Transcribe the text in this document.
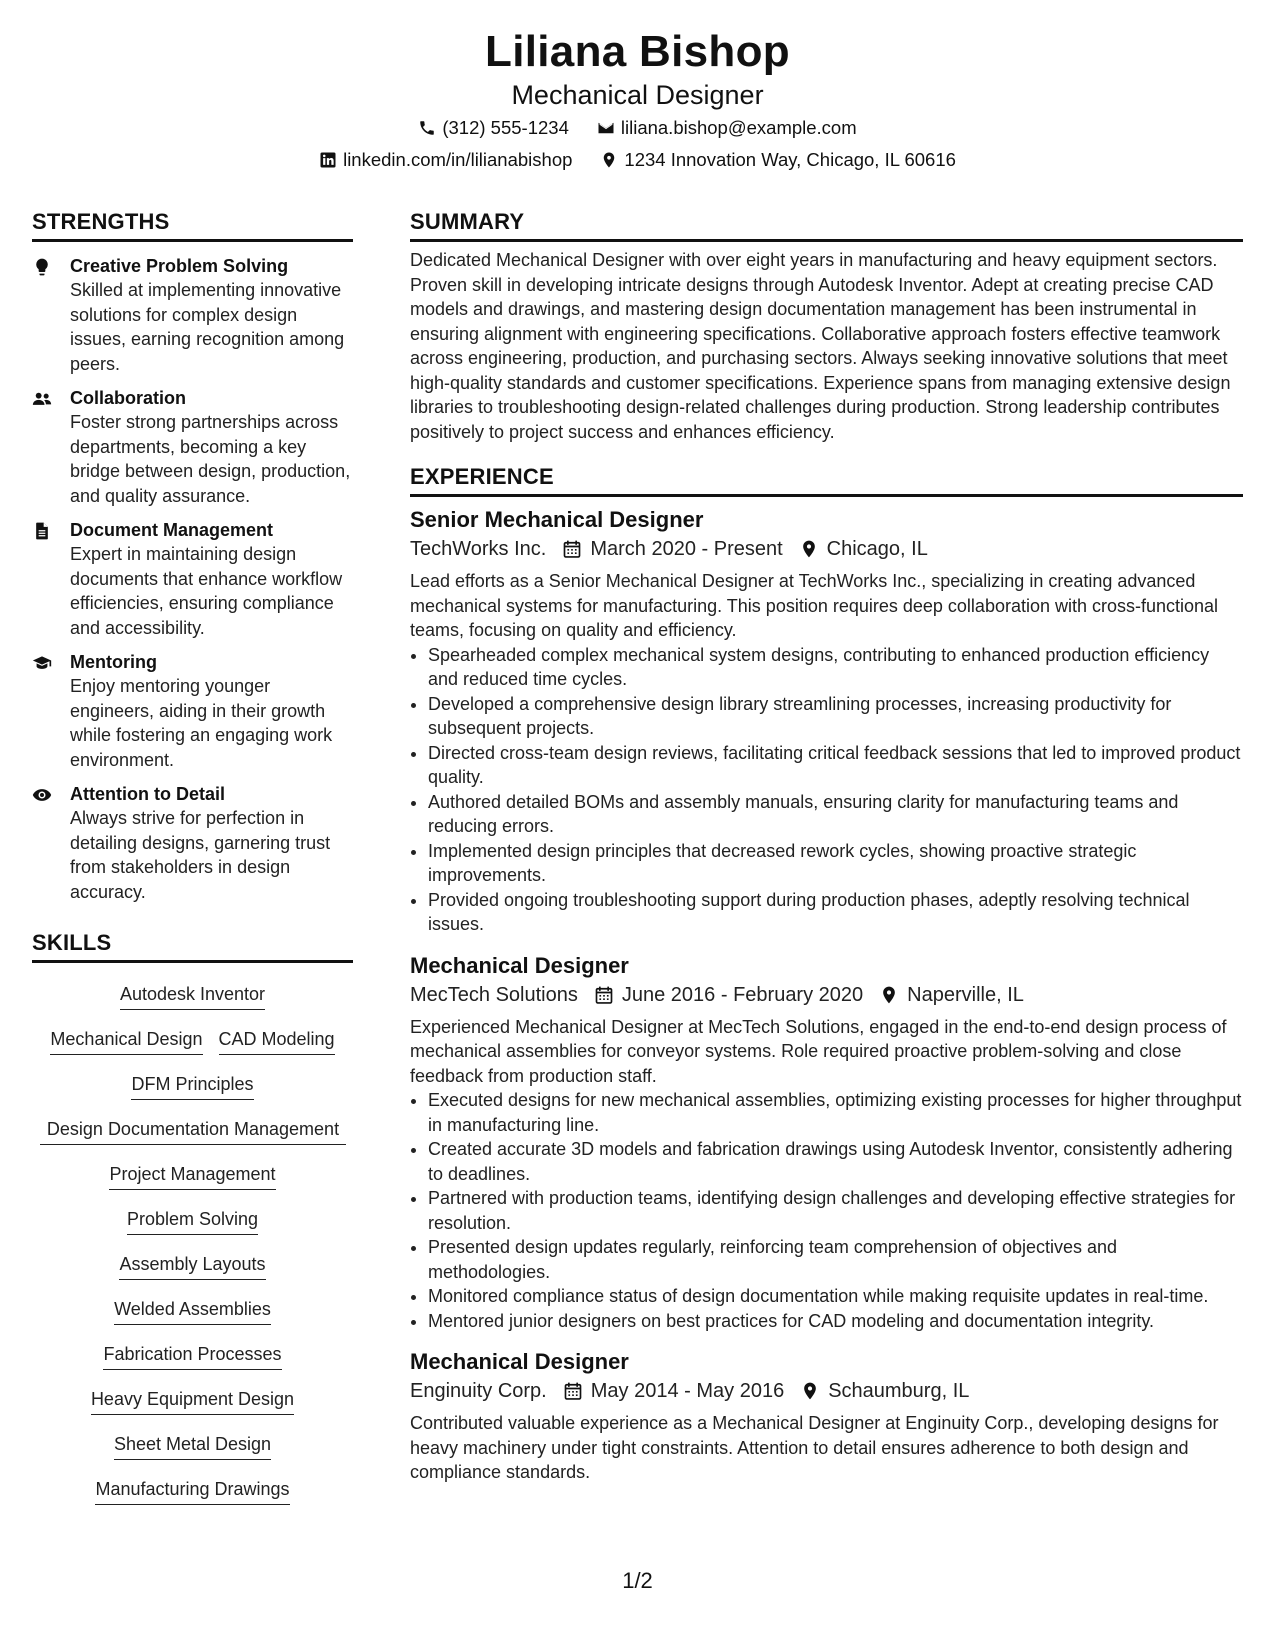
Liliana Bishop
Mechanical Designer
(312) 555-1234	liliana.bishop@example.com
linkedin.com/in/lilianabishop	1234 Innovation Way, Chicago, IL 60616
STRENGTHS
Creative Problem Solving
Skilled at implementing innovative solutions for complex design issues, earning recognition among peers.
Collaboration
Foster strong partnerships across departments, becoming a key bridge between design, production, and quality assurance.
Document Management
Expert in maintaining design documents that enhance workflow efficiencies, ensuring compliance and accessibility.
Mentoring
Enjoy mentoring younger engineers, aiding in their growth while fostering an engaging work environment.
Attention to Detail
Always strive for perfection in detailing designs, garnering trust from stakeholders in design accuracy.
SKILLS
Autodesk Inventor
Mechanical Design CAD Modeling
DFM Principles
Design Documentation Management
Project Management
Problem Solving
Assembly Layouts
Welded Assemblies
Fabrication Processes
Heavy Equipment Design
Sheet Metal Design
Manufacturing Drawings
SUMMARY
Dedicated Mechanical Designer with over eight years in manufacturing and heavy equipment sectors. Proven skill in developing intricate designs through Autodesk Inventor. Adept at creating precise CAD models and drawings, and mastering design documentation management has been instrumental in ensuring alignment with engineering specifications. Collaborative approach fosters effective teamwork across engineering, production, and purchasing sectors. Always seeking innovative solutions that meet high-quality standards and customer specifications. Experience spans from managing extensive design libraries to troubleshooting design-related challenges during production. Strong leadership contributes positively to project success and enhances efficiency.
EXPERIENCE
Senior Mechanical Designer
TechWorks Inc. March 2020 - Present Chicago, IL
Lead efforts as a Senior Mechanical Designer at TechWorks Inc., specializing in creating advanced mechanical systems for manufacturing. This position requires deep collaboration with cross-functional teams, focusing on quality and efficiency.
• Spearheaded complex mechanical system designs, contributing to enhanced production efficiency and reduced time cycles.
• Developed a comprehensive design library streamlining processes, increasing productivity for subsequent projects.
• Directed cross-team design reviews, facilitating critical feedback sessions that led to improved product quality.
• Authored detailed BOMs and assembly manuals, ensuring clarity for manufacturing teams and reducing errors.
• Implemented design principles that decreased rework cycles, showing proactive strategic improvements.
• Provided ongoing troubleshooting support during production phases, adeptly resolving technical issues.
Mechanical Designer
MecTech Solutions June 2016 - February 2020 Naperville, IL
Experienced Mechanical Designer at MecTech Solutions, engaged in the end-to-end design process of mechanical assemblies for conveyor systems. Role required proactive problem-solving and close feedback from production staff.
• Executed designs for new mechanical assemblies, optimizing existing processes for higher throughput in manufacturing line.
• Created accurate 3D models and fabrication drawings using Autodesk Inventor, consistently adhering to deadlines.
• Partnered with production teams, identifying design challenges and developing effective strategies for resolution.
• Presented design updates regularly, reinforcing team comprehension of objectives and methodologies.
• Monitored compliance status of design documentation while making requisite updates in real-time.
• Mentored junior designers on best practices for CAD modeling and documentation integrity.
Mechanical Designer
Enginuity Corp. May 2014 - May 2016 Schaumburg, IL
Contributed valuable experience as a Mechanical Designer at Enginuity Corp., developing designs for heavy machinery under tight constraints. Attention to detail ensures adherence to both design and compliance standards.
1/2
